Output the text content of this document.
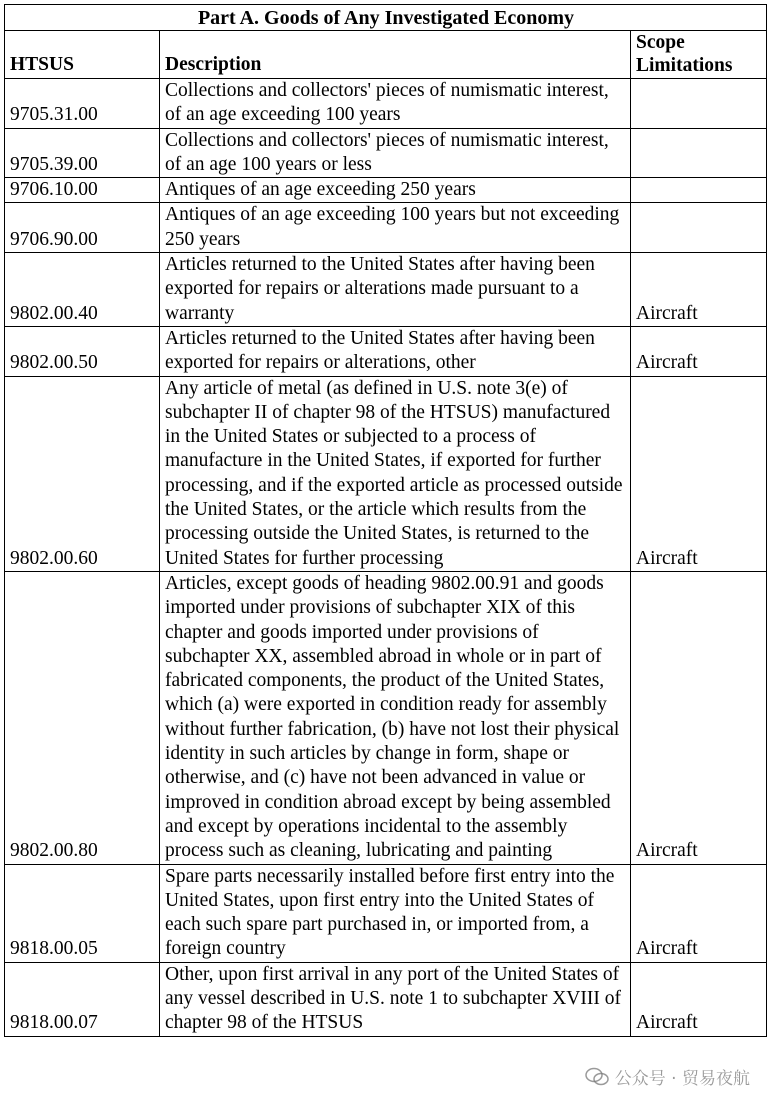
Part A. Goods of Any Investigated Economy		
HTSUS	Description	Scope Limitations
9705.31.00	Collections and collectors' pieces of numismatic interest, of an age exceeding 100 years	
9705.39.00	Collections and collectors' pieces of numismatic interest, of an age 100 years or less	
9706.10.00	Antiques of an age exceeding 250 years	
9706.90.00	Antiques of an age exceeding 100 years but not exceeding 250 years	
9802.00.40	Articles returned to the United States after having been exported for repairs or alterations made pursuant to a warranty	Aircraft
9802.00.50	Articles returned to the United States after having been exported for repairs or alterations, other	Aircraft
9802.00.60	Any article of metal (as defined in U.S. note 3(e) of subchapter II of chapter 98 of the HTSUS) manufactured in the United States or subjected to a process of manufacture in the United States, if exported for further processing, and if the exported article as processed outside the United States, or the article which results from the processing outside the United States, is returned to the United States for further processing	Aircraft
9802.00.80	Articles, except goods of heading 9802.00.91 and goods imported under provisions of subchapter XIX of this chapter and goods imported under provisions of subchapter XX, assembled abroad in whole or in part of fabricated components, the product of the United States, which (a) were exported in condition ready for assembly without further fabrication, (b) have not lost their physical identity in such articles by change in form, shape or otherwise, and (c) have not been advanced in value or improved in condition abroad except by being assembled and except by operations incidental to the assembly process such as cleaning, lubricating and painting	Aircraft
9818.00.05	Spare parts necessarily installed before first entry into the United States, upon first entry into the United States of each such spare part purchased in, or imported from, a foreign country	Aircraft
9818.00.07	Other, upon first arrival in any port of the United States of any vessel described in U.S. note 1 to subchapter XVIII of chapter 98 of the HTSUS	Aircraft
公众号 · 贸易夜航
